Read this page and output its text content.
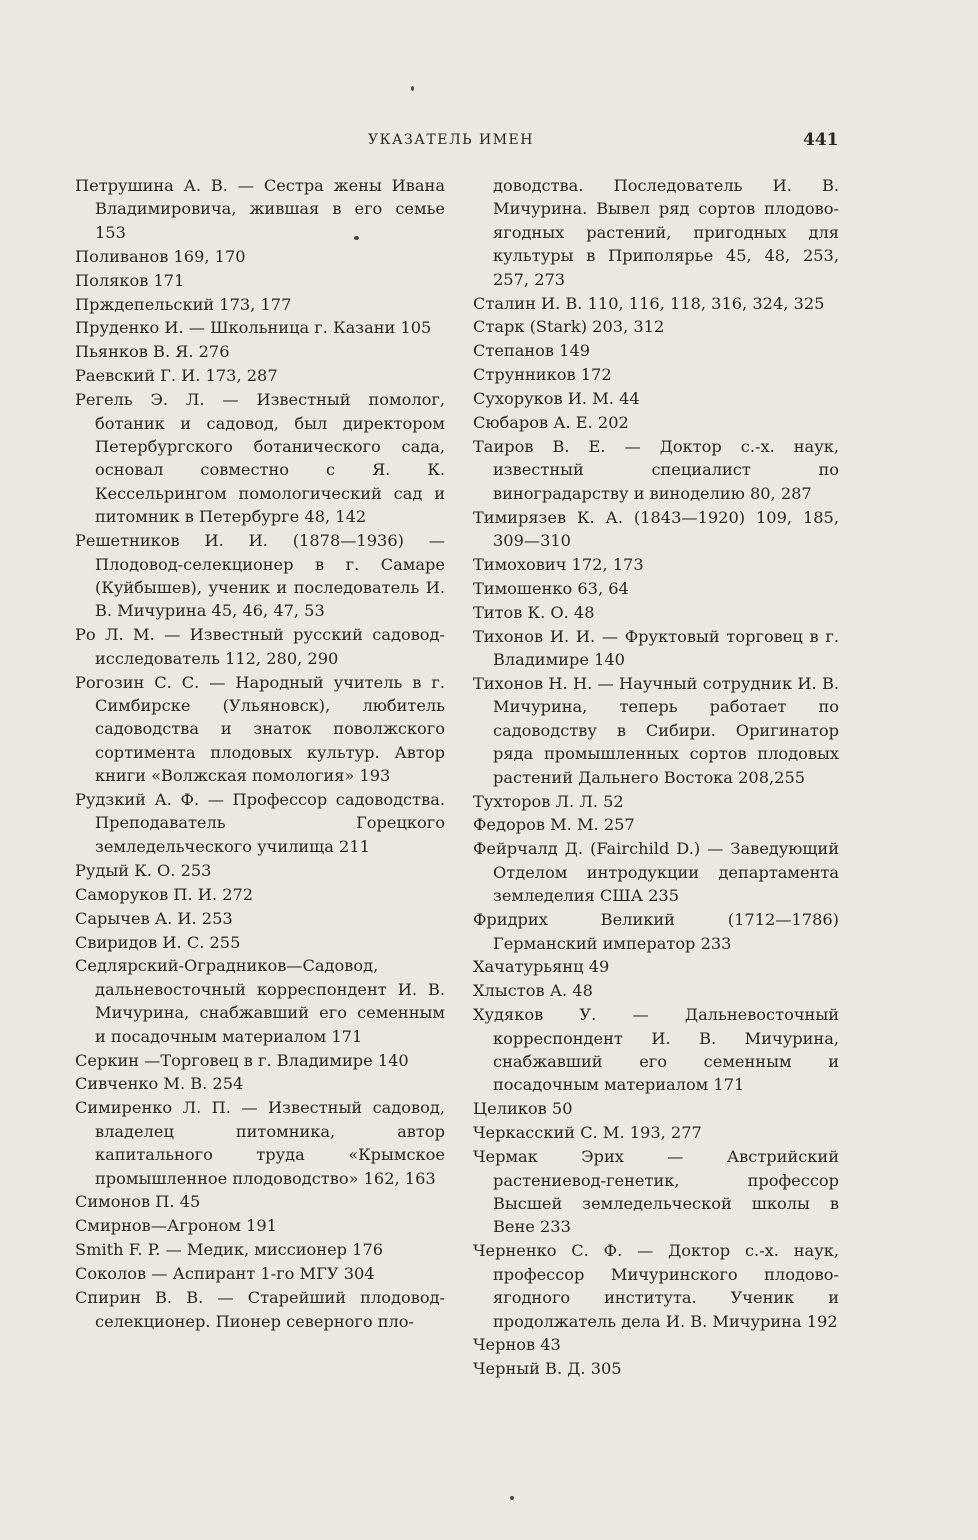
УКАЗАТЕЛЬ ИМЕН	441

Петрушина А. В. — Сестра жены Ивана Владимировича, жившая в его семье 153

Поливанов 169, 170

Поляков 171

Прждепельский 173, 177

Пруденко И. — Школьница г. Казани 105

Пьянков В. Я. 276

Раевский Г. И. 173, 287

Регель Э. Л. — Известный помолог, ботаник и садовод, был директором Петербургского ботанического сада, основал совместно с Я. К. Кессельрингом помологический сад и питомник в Петербурге 48, 142

Решетников И. И. (1878—1936) — Плодовод-селекционер в г. Самаре (Куйбышев), ученик и последователь И. В. Мичурина 45, 46, 47, 53

Ро Л. М. — Известный русский садовод-исследователь 112, 280, 290

Рогозин С. С. — Народный учитель в г. Симбирске (Ульяновск), любитель садоводства и знаток поволжского сортимента плодовых культур. Автор книги «Волжская помология» 193

Рудзкий А. Ф. — Профессор садоводства. Преподаватель Горецкого земледельческого училища 211

Рудый К. О. 253

Саморуков П. И. 272

Сарычев А. И. 253

Свиридов И. С. 255

Седлярский-Оградников—Садовод, дальневосточный корреспондент И. В. Мичурина, снабжавший его семенным и посадочным материалом 171

Серкин —Торговец в г. Владимире 140

Сивченко М. В. 254

Симиренко Л. П. — Известный садовод, владелец питомника, автор капитального труда «Крымское промышленное плодоводство» 162, 163

Симонов П. 45

Смирнов—Агроном 191

Smith F. P. — Медик, миссионер 176

Соколов — Аспирант 1-го МГУ 304

Спирин В. В. — Старейший плодовод-селекционер. Пионер северного пло-

доводства. Последователь И. В. Мичурина. Вывел ряд сортов плодово-ягодных растений, пригодных для культуры в Приполярье 45, 48, 253, 257, 273

Сталин И. В. 110, 116, 118, 316, 324, 325

Старк (Stark) 203, 312

Степанов 149

Струнников 172

Сухоруков И. М. 44

Сюбаров А. Е. 202

Таиров В. Е. — Доктор с.-х. наук, известный специалист по виноградарству и виноделию 80, 287

Тимирязев К. А. (1843—1920) 109, 185, 309—310

Тимохович 172, 173

Тимошенко 63, 64

Титов К. О. 48

Тихонов И. И. — Фруктовый торговец в г. Владимире 140

Тихонов Н. Н. — Научный сотрудник И. В. Мичурина, теперь работает по садоводству в Сибири. Оригинатор ряда промышленных сортов плодовых растений Дальнего Востока 208,255

Тухторов Л. Л. 52

Федоров М. М. 257

Фейрчалд Д. (Fairchild D.) — Заведующий Отделом интродукции департамента земледелия США 235

Фридрих Великий (1712—1786) Германский император 233

Хачатурьянц 49

Хлыстов А. 48

Худяков У. — Дальневосточный корреспондент И. В. Мичурина, снабжавший его семенным и посадочным материалом 171

Целиков 50

Черкасский С. М. 193, 277

Чермак Эрих — Австрийский растениевод-генетик, профессор Высшей земледельческой школы в Вене 233

Черненко С. Ф. — Доктор с.-х. наук, профессор Мичуринского плодово-ягодного института. Ученик и продолжатель дела И. В. Мичурина 192

Чернов 43

Черный В. Д. 305
